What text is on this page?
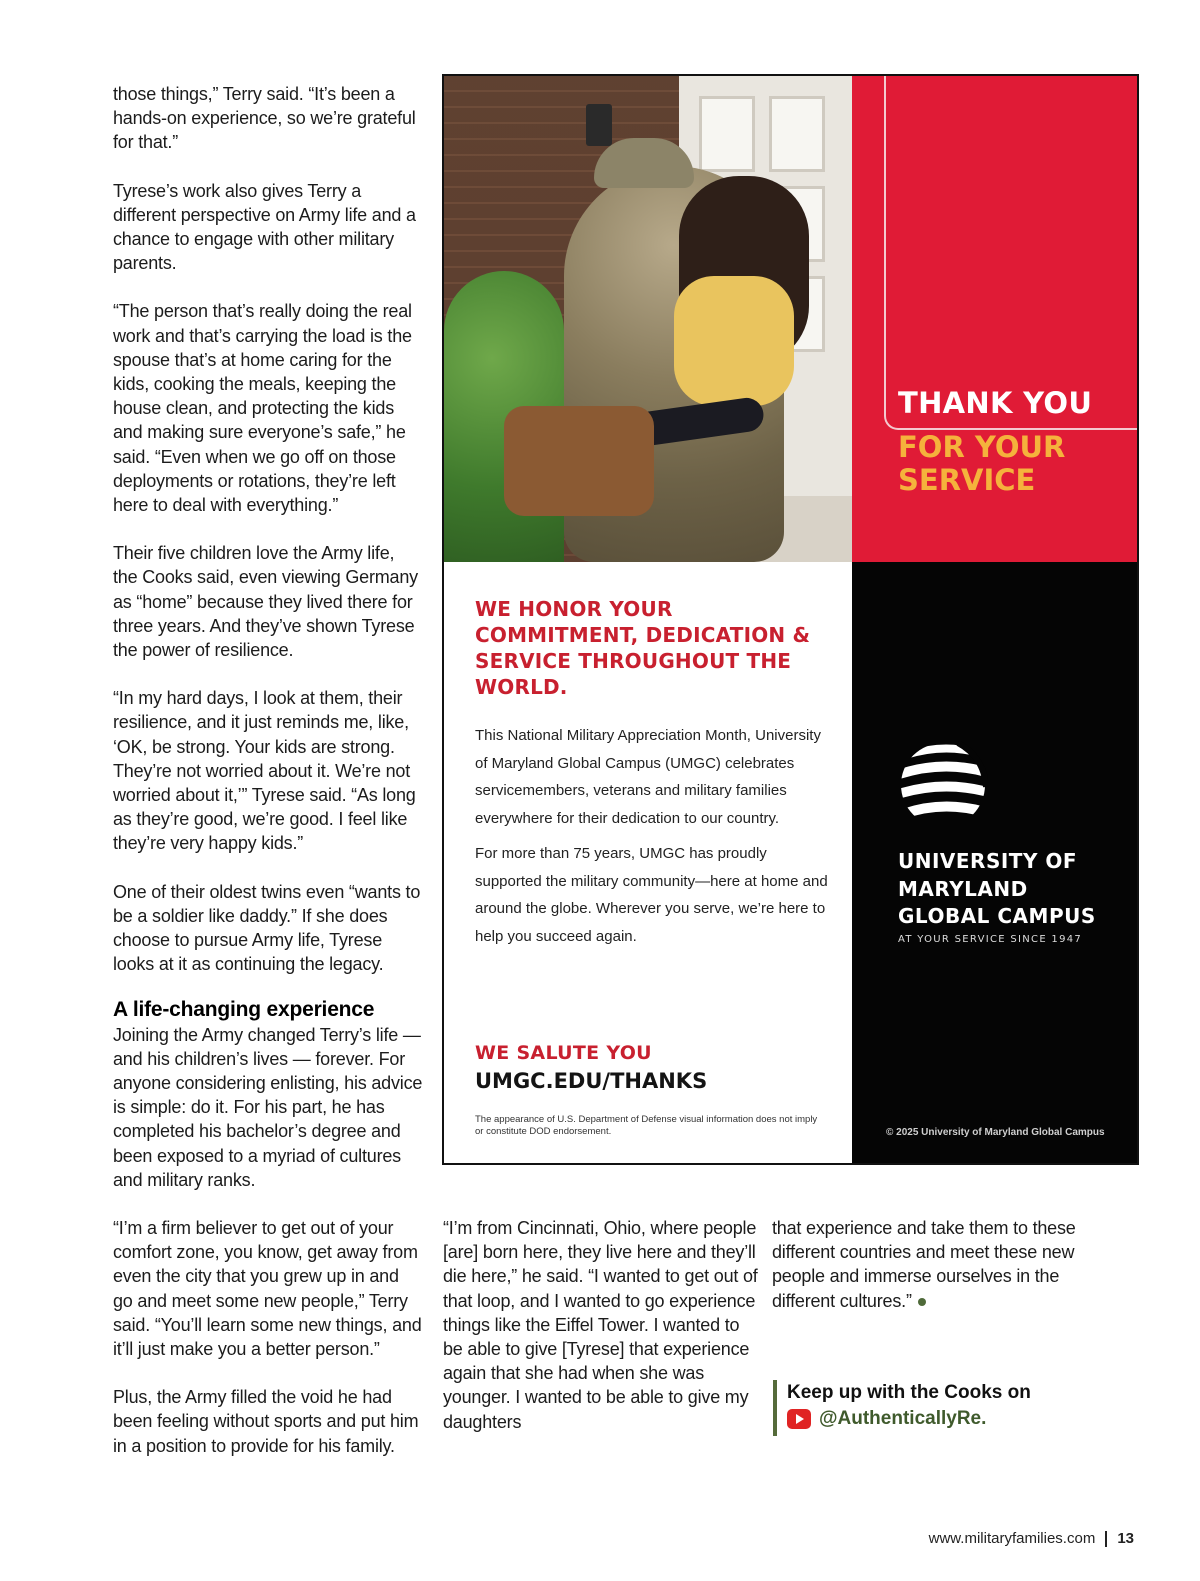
those things,” Terry said. “It’s been a hands-on experience, so we’re grateful for that.”

Tyrese’s work also gives Terry a different perspective on Army life and a chance to engage with other military parents.

“The person that’s really doing the real work and that’s carrying the load is the spouse that’s at home caring for the kids, cooking the meals, keeping the house clean, and protecting the kids and making sure everyone’s safe,” he said. “Even when we go off on those deployments or rotations, they’re left here to deal with everything.”

Their five children love the Army life, the Cooks said, even viewing Germany as “home” because they lived there for three years. And they’ve shown Tyrese the power of resilience.

“In my hard days, I look at them, their resilience, and it just reminds me, like, ‘OK, be strong. Your kids are strong. They’re not worried about it. We’re not worried about it,’” Tyrese said. “As long as they’re good, we’re good. I feel like they’re very happy kids.”

One of their oldest twins even “wants to be a soldier like daddy.” If she does choose to pursue Army life, Tyrese looks at it as continuing the legacy.

A life-changing experience

Joining the Army changed Terry’s life — and his children’s lives — forever. For anyone considering enlisting, his advice is simple: do it. For his part, he has completed his bachelor’s degree and been exposed to a myriad of cultures and military ranks.

“I’m a firm believer to get out of your comfort zone, you know, get away from even the city that you grew up in and go and meet some new people,” Terry said. “You’ll learn some new things, and it’ll just make you a better person.”

Plus, the Army filled the void he had been feeling without sports and put him in a position to provide for his family.

THANK YOU
FOR YOUR
SERVICE
WE HONOR YOUR COMMITMENT, DEDICATION & SERVICE THROUGHOUT THE WORLD.

This National Military Appreciation Month, University of Maryland Global Campus (UMGC) celebrates servicemembers, veterans and military families everywhere for their dedication to our country.

For more than 75 years, UMGC has proudly supported the military community—here at home and around the globe. Wherever you serve, we’re here to help you succeed again.

WE SALUTE YOU
UMGC.EDU/THANKS
The appearance of U.S. Department of Defense visual information does not imply or constitute DOD endorsement.
UNIVERSITY OF
MARYLAND
GLOBAL CAMPUS
AT YOUR SERVICE SINCE 1947
© 2025 University of Maryland Global Campus

“I’m from Cincinnati, Ohio, where people [are] born here, they live here and they’ll die here,” he said. “I wanted to get out of that loop, and I wanted to go experience things like the Eiffel Tower. I wanted to be able to give [Tyrese] that experience again that she had when she was younger. I wanted to be able to give my daughters

that experience and take them to these different countries and meet these new people and immerse ourselves in the different cultures.”

Keep up with the Cooks on
@AuthenticallyRe.
www.militaryfamilies.com 13
